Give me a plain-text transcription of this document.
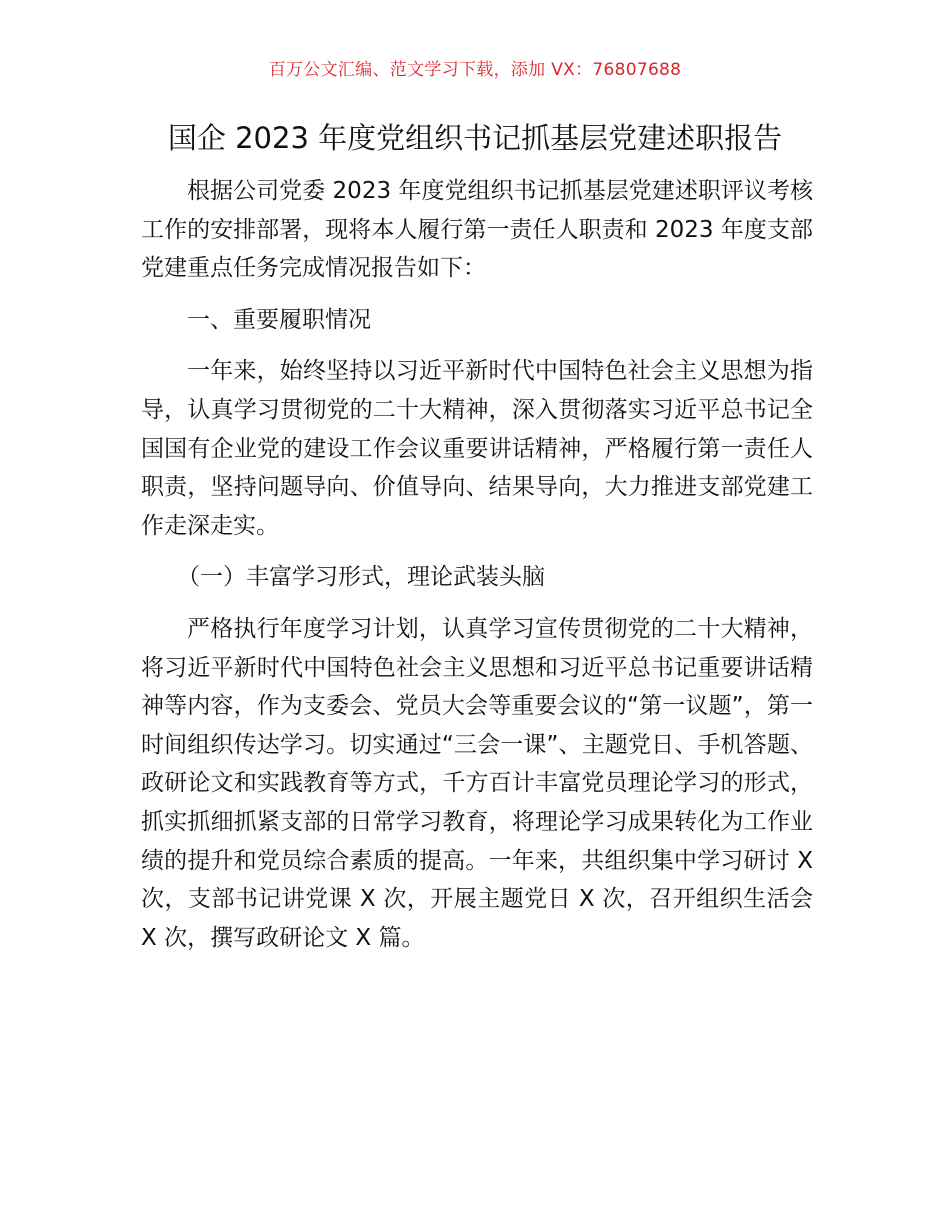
百万公文汇编、范文学习下载，添加 VX：76807688
国企 2023 年度党组织书记抓基层党建述职报告

根据公司党委 2023 年度党组织书记抓基层党建述职评议考核工作的安排部署，现将本人履行第一责任人职责和 2023 年度支部党建重点任务完成情况报告如下：

一、重要履职情况

一年来，始终坚持以习近平新时代中国特色社会主义思想为指导，认真学习贯彻党的二十大精神，深入贯彻落实习近平总书记全国国有企业党的建设工作会议重要讲话精神，严格履行第一责任人职责，坚持问题导向、价值导向、结果导向，大力推进支部党建工作走深走实。

（一）丰富学习形式，理论武装头脑

严格执行年度学习计划，认真学习宣传贯彻党的二十大精神，将习近平新时代中国特色社会主义思想和习近平总书记重要讲话精神等内容，作为支委会、党员大会等重要会议的“第一议题”，第一时间组织传达学习。切实通过“三会一课”、主题党日、手机答题、政研论文和实践教育等方式，千方百计丰富党员理论学习的形式，抓实抓细抓紧支部的日常学习教育，将理论学习成果转化为工作业绩的提升和党员综合素质的提高。一年来，共组织集中学习研讨 X 次，支部书记讲党课 X 次，开展主题党日 X 次，召开组织生活会 X 次，撰写政研论文 X 篇。
